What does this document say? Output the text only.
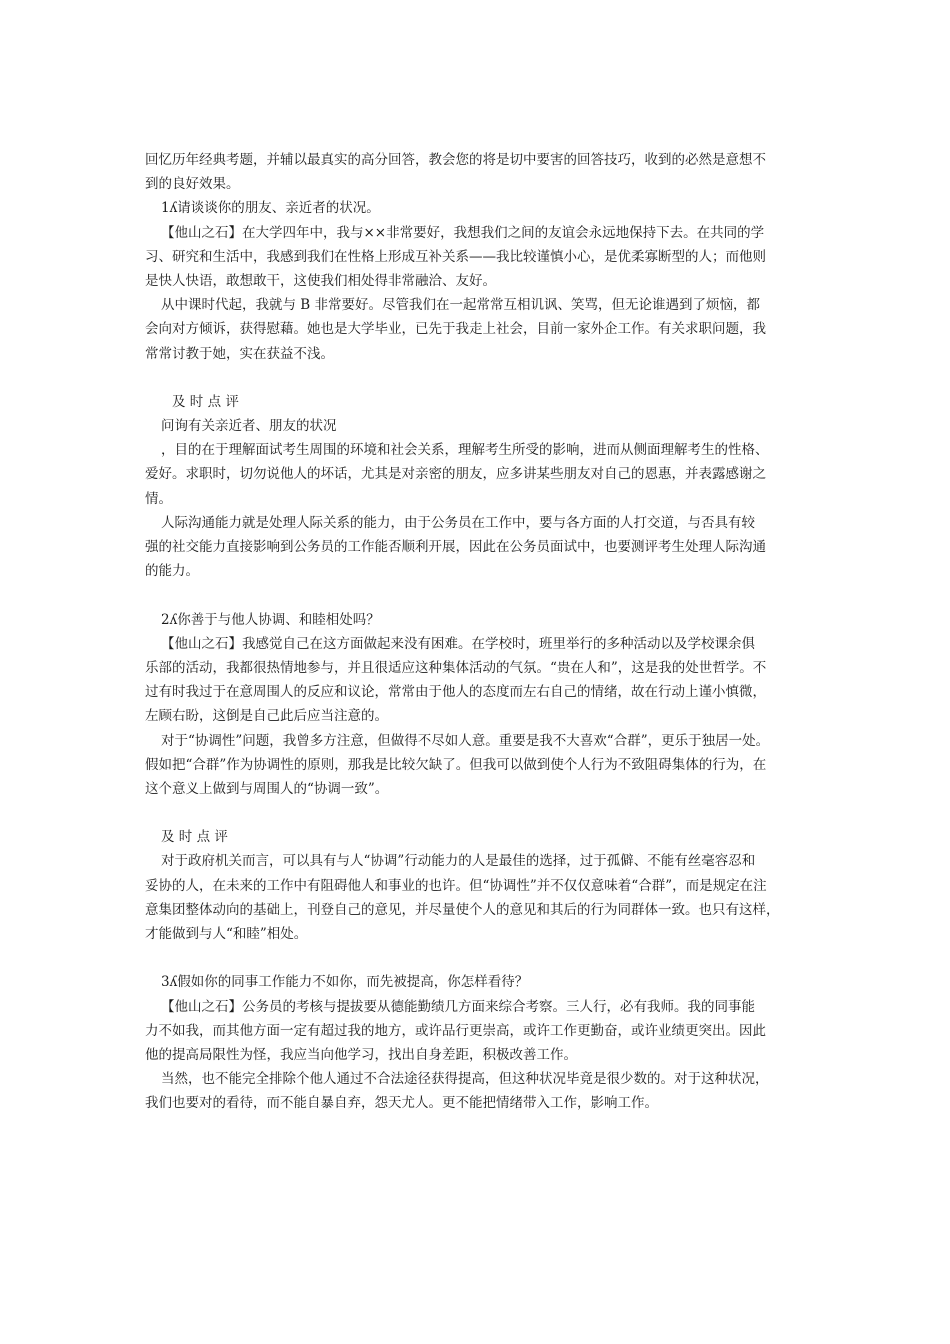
回忆历年经典考题，并辅以最真实的高分回答，教会您的将是切中要害的回答技巧，收到的必然是意想不
到的良好效果。
1ʎ请谈谈你的朋友、亲近者的状况。
【他山之石】在大学四年中，我与××非常要好，我想我们之间的友谊会永远地保持下去。在共同的学
习、研究和生活中，我感到我们在性格上形成互补关系——我比较谨慎小心，是优柔寡断型的人；而他则
是快人快语，敢想敢干，这使我们相处得非常融洽、友好。
从中课时代起，我就与 B 非常要好。尽管我们在一起常常互相讥讽、笑骂，但无论谁遇到了烦恼，都
会向对方倾诉，获得慰藉。她也是大学毕业，已先于我走上社会，目前一家外企工作。有关求职问题，我
常常讨教于她，实在获益不浅。
及 时 点 评
问询有关亲近者、朋友的状况
，目的在于理解面试考生周围的环境和社会关系，理解考生所受的影响，进而从侧面理解考生的性格、
爱好。求职时，切勿说他人的坏话，尤其是对亲密的朋友，应多讲某些朋友对自己的恩惠，并表露感谢之
情。
人际沟通能力就是处理人际关系的能力，由于公务员在工作中，要与各方面的人打交道，与否具有较
强的社交能力直接影响到公务员的工作能否顺利开展，因此在公务员面试中，也要测评考生处理人际沟通
的能力。
2ʎ你善于与他人协调、和睦相处吗？
【他山之石】我感觉自己在这方面做起来没有困难。在学校时，班里举行的多种活动以及学校课余俱
乐部的活动，我都很热情地参与，并且很适应这种集体活动的气氛。“贵在人和”，这是我的处世哲学。不
过有时我过于在意周围人的反应和议论，常常由于他人的态度而左右自己的情绪，故在行动上谨小慎微，
左顾右盼，这倒是自己此后应当注意的。
对于“协调性”问题，我曾多方注意，但做得不尽如人意。重要是我不大喜欢“合群”，更乐于独居一处。
假如把“合群”作为协调性的原则，那我是比较欠缺了。但我可以做到使个人行为不致阻碍集体的行为，在
这个意义上做到与周围人的“协调一致”。
及 时 点 评
对于政府机关而言，可以具有与人“协调”行动能力的人是最佳的选择，过于孤僻、不能有丝毫容忍和
妥协的人，在未来的工作中有阻碍他人和事业的也许。但“协调性”并不仅仅意味着“合群”，而是规定在注
意集团整体动向的基础上，刊登自己的意见，并尽量使个人的意见和其后的行为同群体一致。也只有这样，
才能做到与人“和睦”相处。
3ʎ假如你的同事工作能力不如你，而先被提高，你怎样看待？
【他山之石】公务员的考核与提拔要从德能勤绩几方面来综合考察。三人行，必有我师。我的同事能
力不如我，而其他方面一定有超过我的地方，或许品行更崇高，或许工作更勤奋，或许业绩更突出。因此
他的提高局限性为怪，我应当向他学习，找出自身差距，积极改善工作。
当然，也不能完全排除个他人通过不合法途径获得提高，但这种状况毕竟是很少数的。对于这种状况，
我们也要对的看待，而不能自暴自弃，怨天尤人。更不能把情绪带入工作，影响工作。
